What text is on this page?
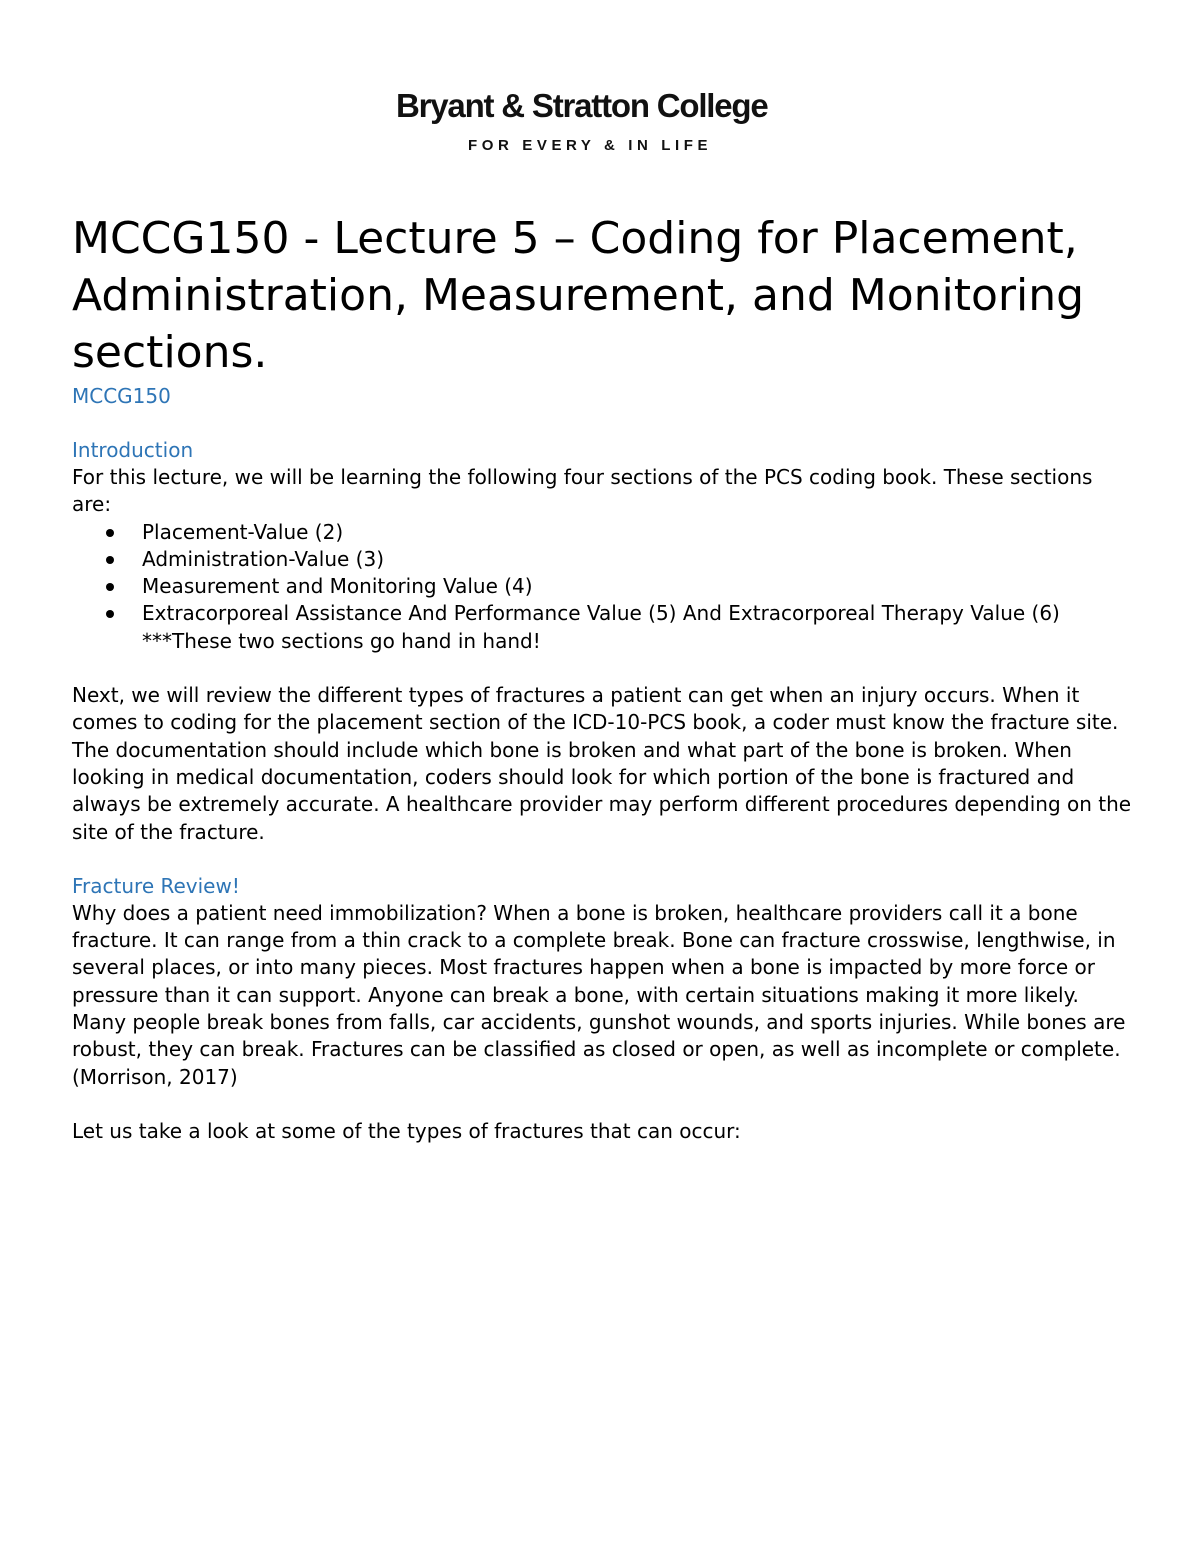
Bryant & Stratton College
FOR EVERY & IN LIFE
MCCG150 - Lecture 5 – Coding for Placement, Administration, Measurement, and Monitoring sections.
MCCG150
Introduction

For this lecture, we will be learning the following four sections of the PCS coding book. These sections are:

Placement-Value (2)
Administration-Value (3)
Measurement and Monitoring Value (4)
Extracorporeal Assistance And Performance Value (5) And Extracorporeal Therapy Value (6)
***These two sections go hand in hand!

Next, we will review the different types of fractures a patient can get when an injury occurs. When it comes to coding for the placement section of the ICD-10-PCS book, a coder must know the fracture site. The documentation should include which bone is broken and what part of the bone is broken. When looking in medical documentation, coders should look for which portion of the bone is fractured and always be extremely accurate. A healthcare provider may perform different procedures depending on the site of the fracture.

Fracture Review!

Why does a patient need immobilization? When a bone is broken, healthcare providers call it a bone fracture. It can range from a thin crack to a complete break. Bone can fracture crosswise, lengthwise, in several places, or into many pieces. Most fractures happen when a bone is impacted by more force or pressure than it can support. Anyone can break a bone, with certain situations making it more likely. Many people break bones from falls, car accidents, gunshot wounds, and sports injuries. While bones are robust, they can break. Fractures can be classified as closed or open, as well as incomplete or complete. (Morrison, 2017)

Let us take a look at some of the types of fractures that can occur:
